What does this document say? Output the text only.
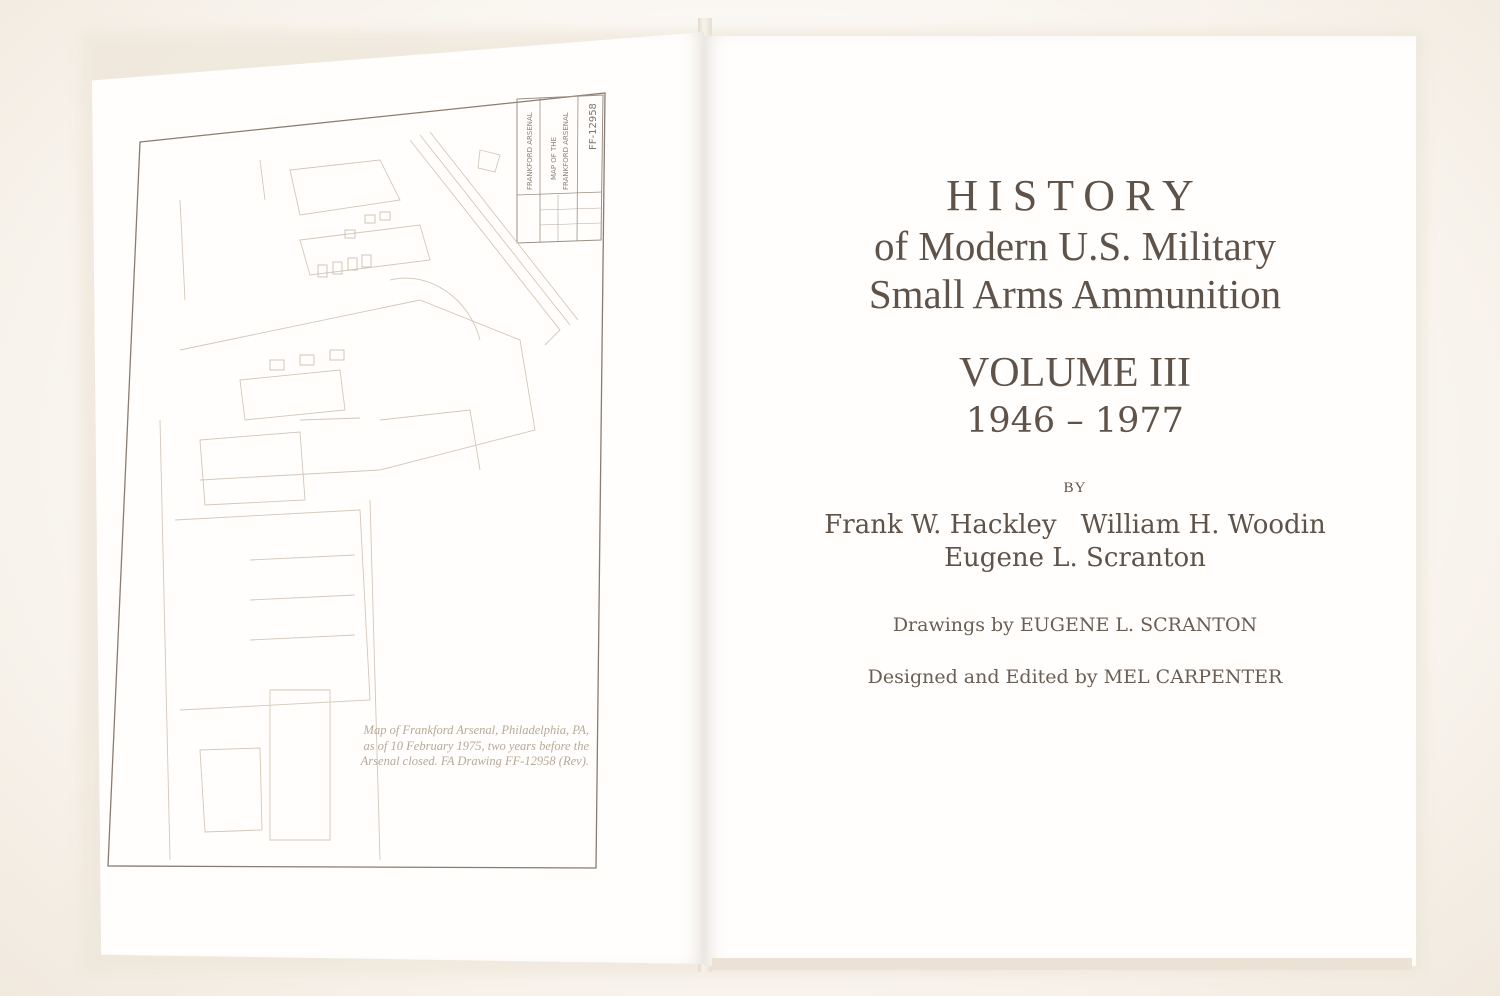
FRANKFORD ARSENAL MAP OF THE FRANKFORD ARSENAL FF-12958

Map of Frankford Arsenal, Philadelphia, PA, as of 10 February 1975, two years before the Arsenal closed. FA Drawing FF-12958 (Rev).

HISTORY

of Modern U.S. Military

Small Arms Ammunition

VOLUME III

1946 – 1977

BY

Frank W. Hackley William H. Woodin
Eugene L. Scranton

Drawings by EUGENE L. SCRANTON

Designed and Edited by MEL CARPENTER
